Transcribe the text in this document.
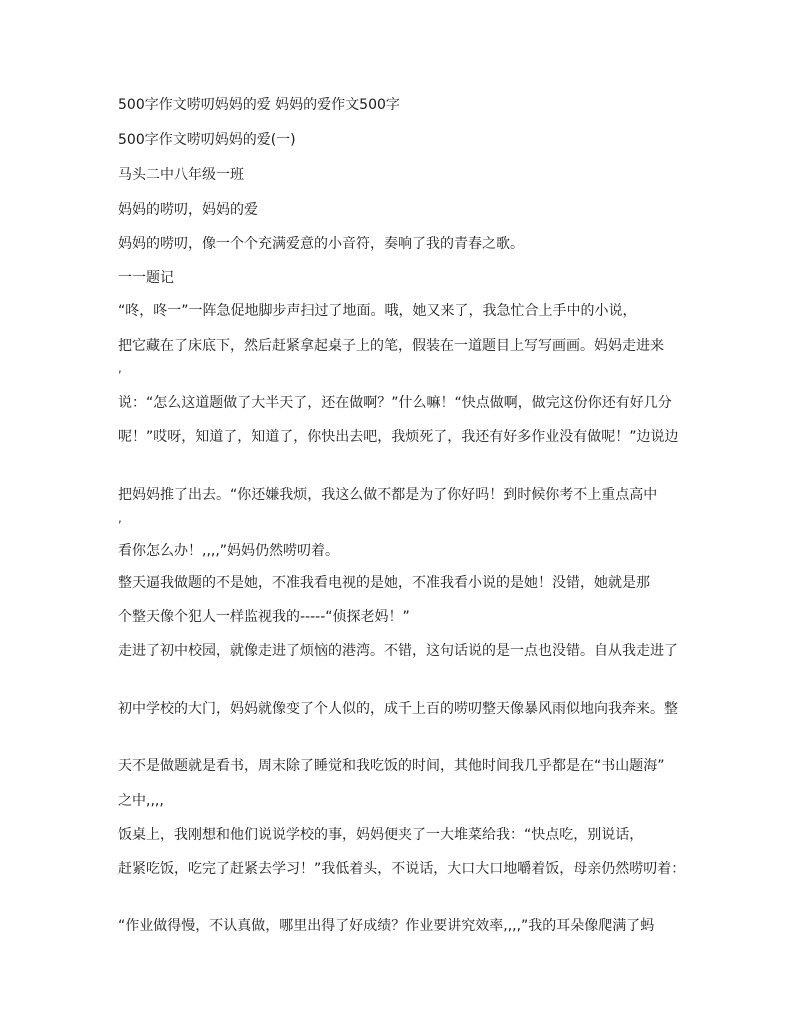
500字作文唠叨妈妈的爱 妈妈的爱作文500字
500字作文唠叨妈妈的爱(一)
马头二中八年级一班
妈妈的唠叨，妈妈的爱
妈妈的唠叨，像一个个充满爱意的小音符，奏响了我的青春之歌。
一一题记
“咚，咚一”一阵急促地脚步声扫过了地面。哦，她又来了，我急忙合上手中的小说，
把它藏在了床底下，然后赶紧拿起桌子上的笔，假装在一道题目上写写画画。妈妈走进来
,
说：“怎么这道题做了大半天了，还在做啊？”什么嘛！“快点做啊，做完这份你还有好几分
呢！”哎呀，知道了，知道了，你快出去吧，我烦死了，我还有好多作业没有做呢！”边说边
把妈妈推了出去。“你还嫌我烦，我这么做不都是为了你好吗！到时候你考不上重点高中
,
看你怎么办！,,,,”妈妈仍然唠叨着。
整天逼我做题的不是她，不准我看电视的是她，不准我看小说的是她！没错，她就是那
个整天像个犯人一样监视我的-----“侦探老妈！”
走进了初中校园，就像走进了烦恼的港湾。不错，这句话说的是一点也没错。自从我走进了
初中学校的大门，妈妈就像变了个人似的，成千上百的唠叨整天像暴风雨似地向我奔来。整
天不是做题就是看书，周末除了睡觉和我吃饭的时间，其他时间我几乎都是在“书山题海”
之中,,,,
饭桌上，我刚想和他们说说学校的事，妈妈便夹了一大堆菜给我：“快点吃，别说话，
赶紧吃饭，吃完了赶紧去学习！”我低着头，不说话，大口大口地嚼着饭，母亲仍然唠叨着：
“作业做得慢，不认真做，哪里出得了好成绩？作业要讲究效率,,,,”我的耳朵像爬满了蚂
